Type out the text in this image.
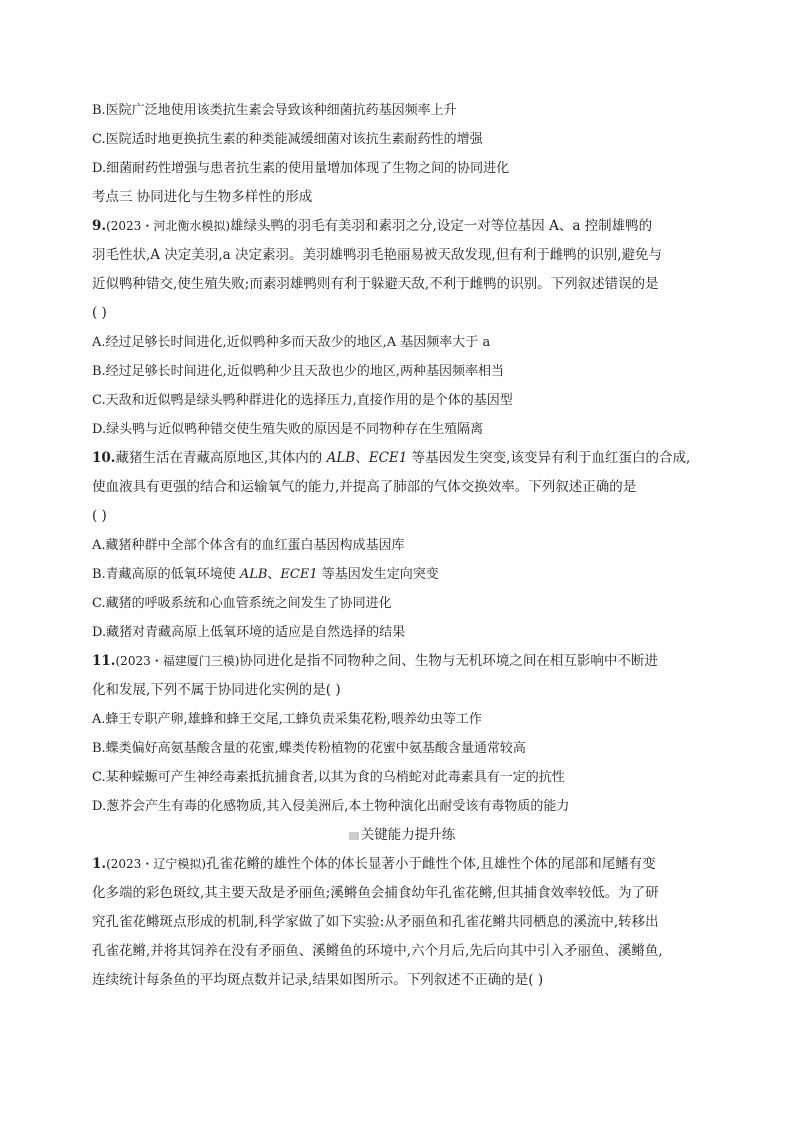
B.医院广泛地使用该类抗生素会导致该种细菌抗药基因频率上升
C.医院适时地更换抗生素的种类能减缓细菌对该抗生素耐药性的增强
D.细菌耐药性增强与患者抗生素的使用量增加体现了生物之间的协同进化
考点三 协同进化与生物多样性的形成
9.(2023・河北衡水模拟)雄绿头鸭的羽毛有美羽和素羽之分,设定一对等位基因 A、a 控制雄鸭的
羽毛性状,A 决定美羽,a 决定素羽。美羽雄鸭羽毛艳丽易被天敌发现,但有利于雌鸭的识别,避免与
近似鸭种错交,使生殖失败;而素羽雄鸭则有利于躲避天敌,不利于雌鸭的识别。下列叙述错误的是
( )
A.经过足够长时间进化,近似鸭种多而天敌少的地区,A 基因频率大于 a
B.经过足够长时间进化,近似鸭种少且天敌也少的地区,两种基因频率相当
C.天敌和近似鸭是绿头鸭种群进化的选择压力,直接作用的是个体的基因型
D.绿头鸭与近似鸭种错交使生殖失败的原因是不同物种存在生殖隔离
10.藏猪生活在青藏高原地区,其体内的 ALB、ECE1 等基因发生突变,该变异有利于血红蛋白的合成,
使血液具有更强的结合和运输氧气的能力,并提高了肺部的气体交换效率。下列叙述正确的是
( )
A.藏猪种群中全部个体含有的血红蛋白基因构成基因库
B.青藏高原的低氧环境使 ALB、ECE1 等基因发生定向突变
C.藏猪的呼吸系统和心血管系统之间发生了协同进化
D.藏猪对青藏高原上低氧环境的适应是自然选择的结果
11.(2023・福建厦门三模)协同进化是指不同物种之间、生物与无机环境之间在相互影响中不断进
化和发展,下列不属于协同进化实例的是( )
A.蜂王专职产卵,雄蜂和蜂王交尾,工蜂负责采集花粉,喂养幼虫等工作
B.蝶类偏好高氨基酸含量的花蜜,蝶类传粉植物的花蜜中氨基酸含量通常较高
C.某种蝾螈可产生神经毒素抵抗捕食者,以其为食的乌梢蛇对此毒素具有一定的抗性
D.葱芥会产生有毒的化感物质,其入侵美洲后,本土物种演化出耐受该有毒物质的能力
关键能力提升练
1.(2023・辽宁模拟)孔雀花鳉的雄性个体的体长显著小于雌性个体,且雄性个体的尾部和尾鳍有变
化多端的彩色斑纹,其主要天敌是矛丽鱼;溪鳉鱼会捕食幼年孔雀花鳉,但其捕食效率较低。为了研
究孔雀花鳉斑点形成的机制,科学家做了如下实验:从矛丽鱼和孔雀花鳉共同栖息的溪流中,转移出
孔雀花鳉,并将其饲养在没有矛丽鱼、溪鳉鱼的环境中,六个月后,先后向其中引入矛丽鱼、溪鳉鱼,
连续统计每条鱼的平均斑点数并记录,结果如图所示。下列叙述不正确的是( )
